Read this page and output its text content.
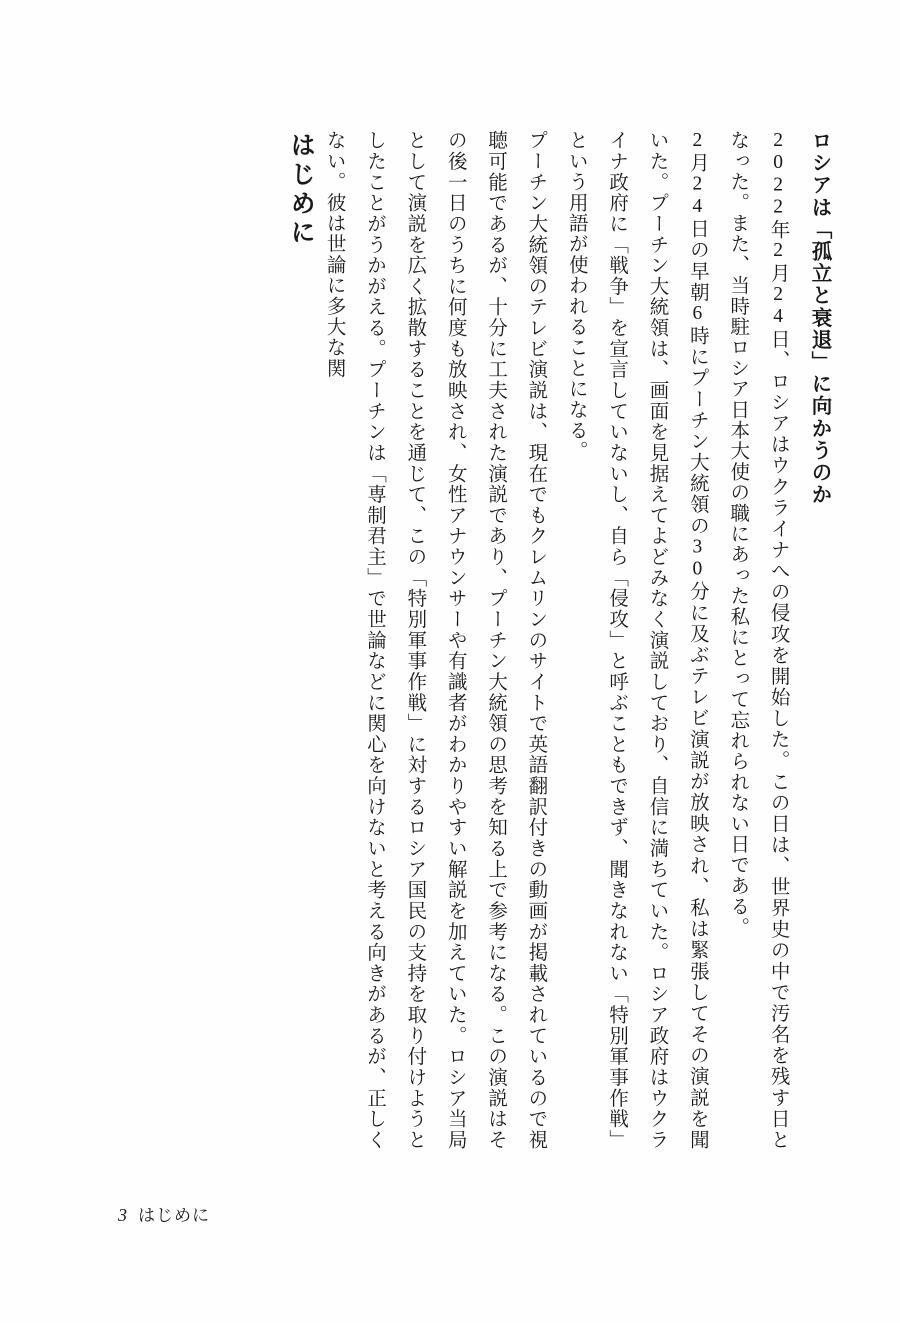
はじめに	ロシアは「孤立と衰退」に向かうのか

2022年2月24日、ロシアはウクライナへの侵攻を開始した。この日は、世界史の中で汚名を残す日となった。また、当時駐ロシア日本大使の職にあった私にとって忘れられない日である。

2月24日の早朝6時にプーチン大統領の30分に及ぶテレビ演説が放映され、私は緊張してその演説を聞いた。プーチン大統領は、画面を見据えてよどみなく演説しており、自信に満ちていた。ロシア政府はウクライナ政府に「戦争」を宣言していないし、自ら「侵攻」と呼ぶこともできず、聞きなれない「特別軍事作戦」という用語が使われることになる。

プーチン大統領のテレビ演説は、現在でもクレムリンのサイトで英語翻訳付きの動画が掲載されているので視聴可能であるが、十分に工夫された演説であり、プーチン大統領の思考を知る上で参考になる。この演説はその後一日のうちに何度も放映され、女性アナウンサーや有識者がわかりやすい解説を加えていた。ロシア当局として演説を広く拡散することを通じて、この「特別軍事作戦」に対するロシア国民の支持を取り付けようとしたことがうかがえる。プーチンは「専制君主」で世論などに関心を向けないと考える向きがあるが、正しくない。彼は世論に多大な関

3 はじめに
